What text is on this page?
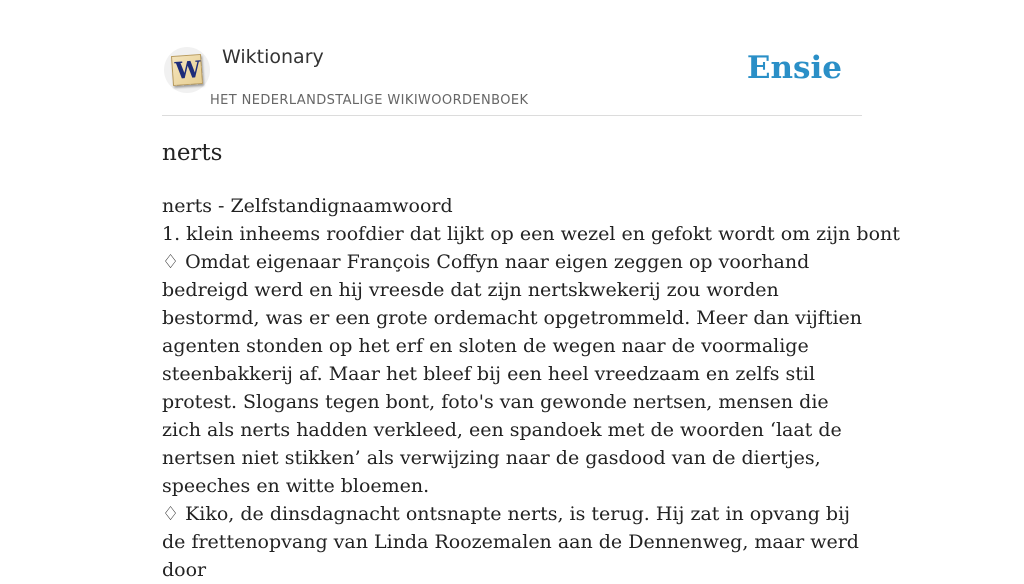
W Wiktionary
HET NEDERLANDSTALIGE WIKIWOORDENBOEK
Ensie
nerts

nerts - Zelfstandignaamwoord

1. klein inheems roofdier dat lijkt op een wezel en gefokt wordt om zijn bont

♢ Omdat eigenaar François Coffyn naar eigen zeggen op voorhand bedreigd werd en hij vreesde dat zijn nertskwekerij zou worden bestormd, was er een grote ordemacht opgetrommeld. Meer dan vijftien agenten stonden op het erf en sloten de wegen naar de voormalige steenbakkerij af. Maar het bleef bij een heel vreedzaam en zelfs stil protest. Slogans tegen bont, foto's van gewonde nertsen, mensen die zich als nerts hadden verkleed, een spandoek met de woorden ‘laat de nertsen niet stikken’ als verwijzing naar de gasdood van de diertjes, speeches en witte bloemen.

♢ Kiko, de dinsdagnacht ontsnapte nerts, is terug. Hij zat in opvang bij de frettenopvang van Linda Roozemalen aan de Dennenweg, maar werd door
